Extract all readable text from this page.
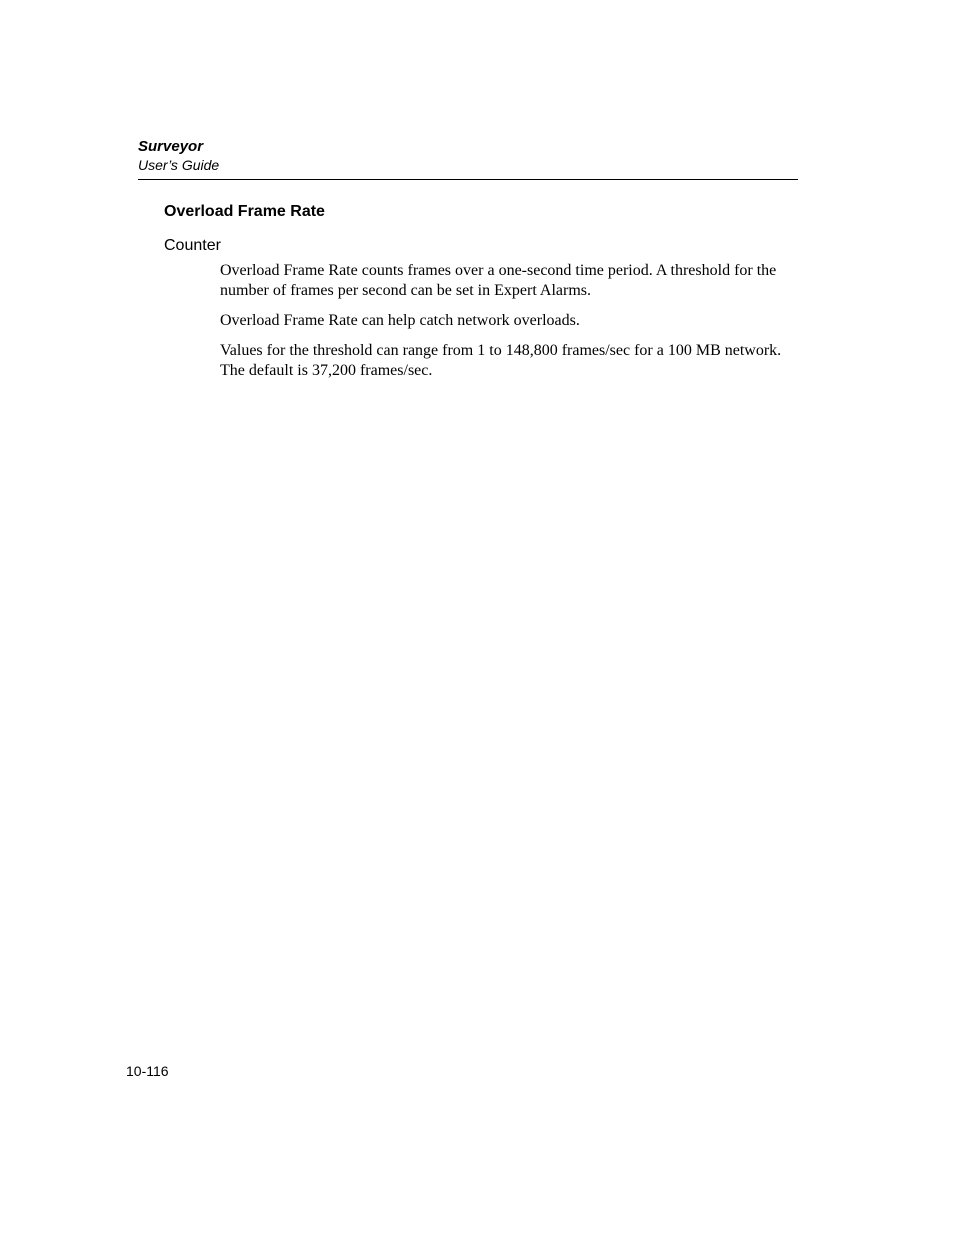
Surveyor
User’s Guide
Overload Frame Rate
Counter

Overload Frame Rate counts frames over a one-second time period. A threshold for the number of frames per second can be set in Expert Alarms.

Overload Frame Rate can help catch network overloads.

Values for the threshold can range from 1 to 148,800 frames/sec for a 100 MB network. The default is 37,200 frames/sec.

10-116
